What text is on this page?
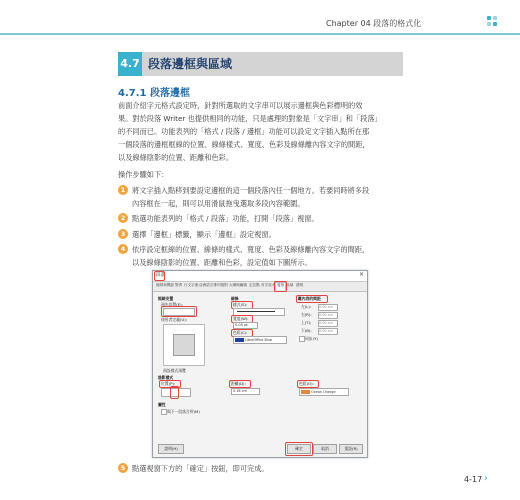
Chapter 04 段落的格式化
4.7 段落邊框與區域
4.7.1 段落邊框
前面介紹字元格式設定時，針對所選取的文字串可以展示邊框與色彩標明的效
果。對於段落 Writer 也提供相同的功能，只是處理的對象是「文字串」和「段落」
的不同而已。功能表列的「格式 / 段落 / 邊框」功能可以設定文字插入點所在那
一個段落的邊框框線的位置、線條樣式、寬度、色彩及線條離內容文字的間距，
以及線條陰影的位置、距離和色彩。
操作步驟如下：
1 將文字插入點移到要設定邊框的這一個段落內任一個地方。若要同時將多段
內容框在一起，則可以用滑鼠拖曳選取多段內容範圍。
2 點選功能表列的「格式 / 段落」功能，打開「段落」視窗。
3 選擇「邊框」標籤，顯示「邊框」設定視窗。
4 依序設定框線的位置、線條的樣式、寬度、色彩及線條離內容文字的間距，
以及線條陰影的位置、距離和色彩，設定值如下圖所示。
段落	×
縮排和間距 對齊 行文字流 亞洲語言排印規則 大綱與編號 定位點 首字放大 邊框 區域 透明
框線安置
預先設置(E):
使用者定義(U):
預設樣式預覽
線條
樣式(S):
寬度(W):
0.05 pt
色彩(C):
LibreOffice Blue
離內容的間距
左(L): 0.00 cm
右(R): 0.00 cm
上(T): 0.00 cm
下(B): 0.00 cm
同步(Y)
陰影樣式
位置(P):	距離(D):
0.18 cm
色彩(O):
Ocean Orange
屬性
與下一段落合併(M)
說明(H)	確定	取消	重設(R)
5 點選視窗下方的「確定」按鈕，即可完成。
4-17 ›
